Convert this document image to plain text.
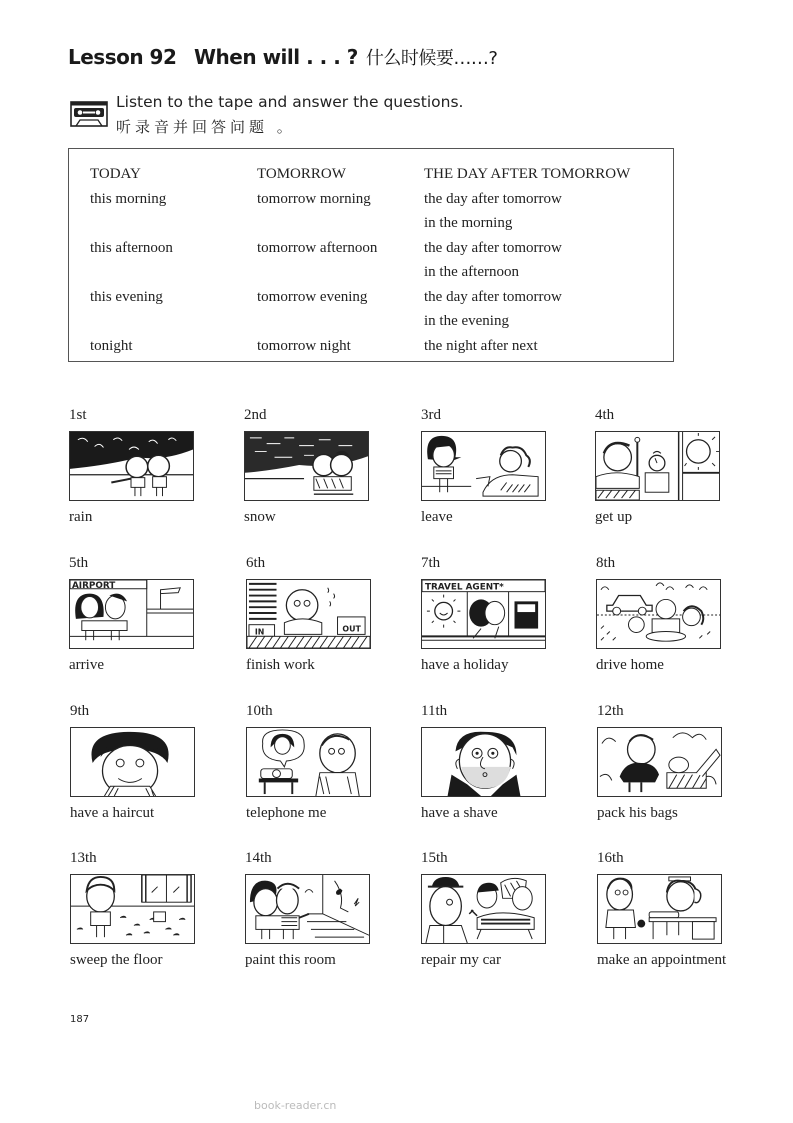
Lesson 92 When will . . . ? 什么时候要……?
Listen to the tape and answer the questions.
听录音并回答问题 。
TODAY
this morning
this afternoon
this evening
tonight
TOMORROW
tomorrow morning
tomorrow afternoon
tomorrow evening
tomorrow night
THE DAY AFTER TOMORROW
the day after tomorrow
in the morning
the day after tomorrow
in the afternoon
the day after tomorrow
in the evening
the night after next
1st
rain
2nd
snow
3rd
leave
4th
get up
5th
AIRPORT
arrive
6th
IN	OUT
finish work
7th
TRAVEL AGENT*
have a holiday
8th
drive home
9th
have a haircut
10th
telephone me
11th
have a shave
12th
pack his bags
13th
sweep the floor
14th
paint this room
15th
repair my car
16th
make an appointment
187
book-reader.cn
